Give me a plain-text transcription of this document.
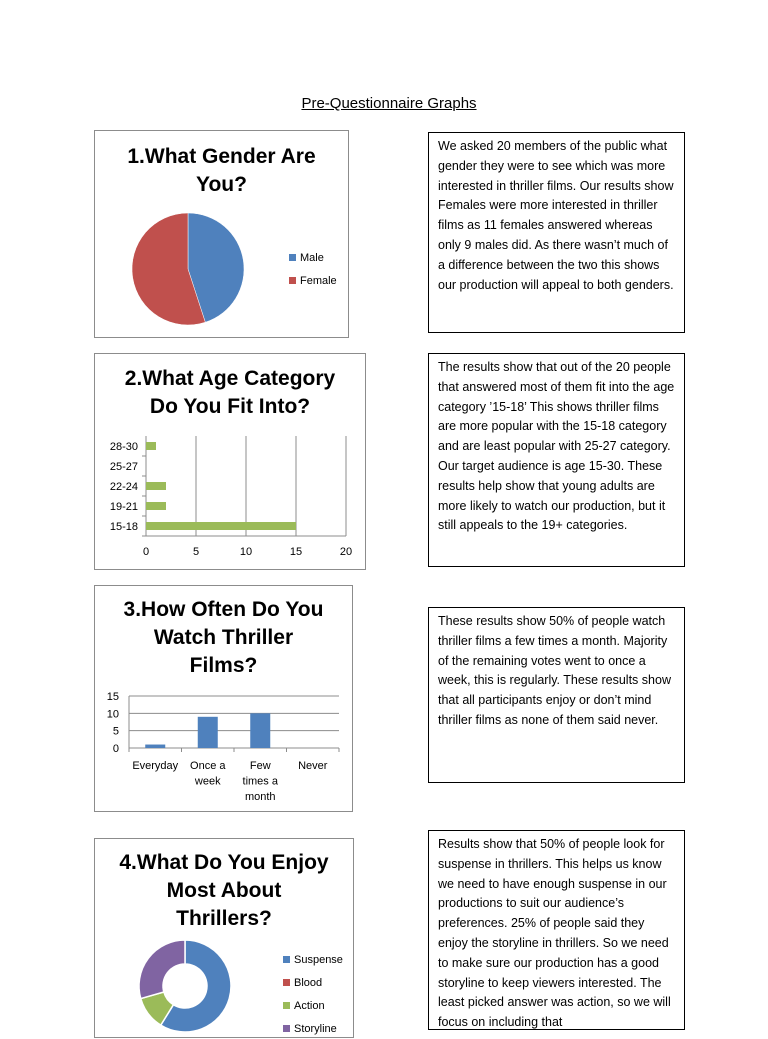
Pre-Questionnaire Graphs
1.What Gender Are
You?
Male
Female
2.What Age Category
Do You Fit Into?
0	5	10	15	20
15-18
19-21
22-24
25-27
28-30
3.How Often Do You
Watch Thriller
Films?
0
5
10
15
Everyday Once a
week
Few
times a
month
Never
4.What Do You Enjoy
Most About
Thrillers?
Suspense
Blood
Action
Storyline
We asked 20 members of the public what gender they were to see which was more interested in thriller films. Our results show Females were more interested in thriller films as 11 females answered whereas only 9 males did. As there wasn’t much of a difference between the two this shows our production will appeal to both genders.
The results show that out of the 20 people that answered most of them fit into the age category ’15-18’ This shows thriller films are more popular with the 15-18 category and are least popular with 25-27 category. Our target audience is age 15-30. These results help show that young adults are more likely to watch our production, but it still appeals to the 19+ categories.
These results show 50% of people watch thriller films a few times a month. Majority of the remaining votes went to once a week, this is regularly. These results show that all participants enjoy or don’t mind thriller films as none of them said never.
Results show that 50% of people look for suspense in thrillers. This helps us know we need to have enough suspense in our productions to suit our audience’s preferences. 25% of people said they enjoy the storyline in thrillers. So we need to make sure our production has a good storyline to keep viewers interested. The least picked answer was action, so we will focus on including that
